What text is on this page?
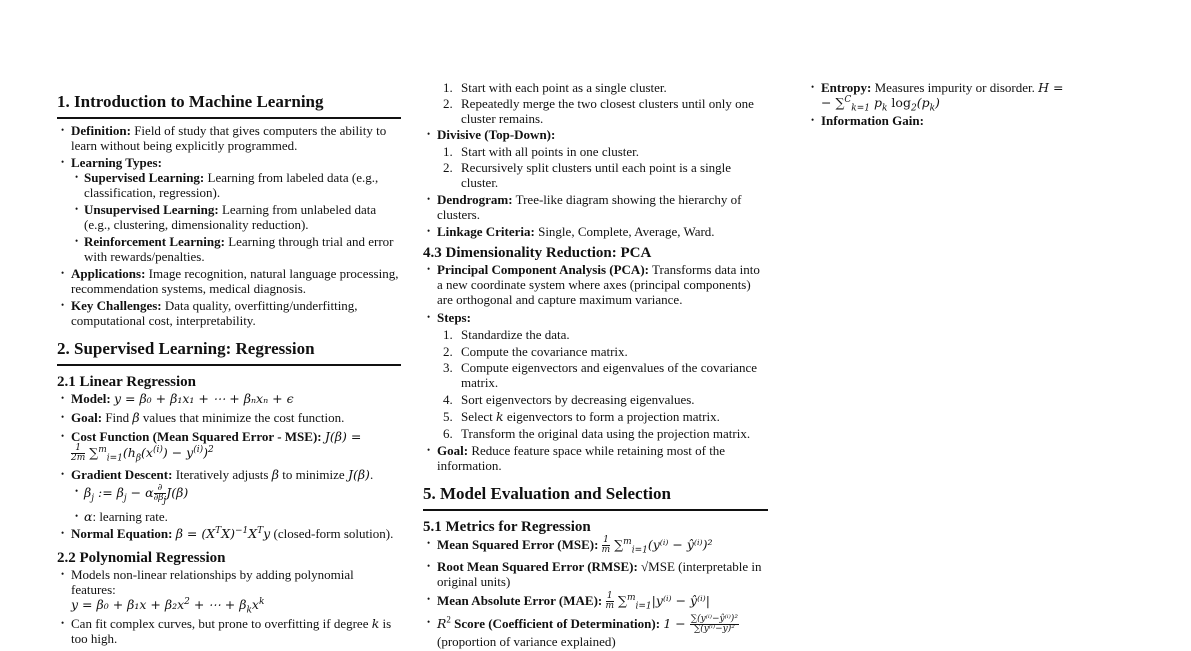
1. Introduction to Machine Learning
• Definition: Field of study that gives computers the ability to learn without being explicitly programmed.
• Learning Types:
• Supervised Learning: Learning from labeled data (e.g., classification, regression).
• Unsupervised Learning: Learning from unlabeled data (e.g., clustering, dimensionality reduction).
• Reinforcement Learning: Learning through trial and error with rewards/penalties.
• Applications: Image recognition, natural language processing, recommendation systems, medical diagnosis.
• Key Challenges: Data quality, overfitting/underfitting, computational cost, interpretability.
2. Supervised Learning: Regression
2.1 Linear Regression
• Model: y = β₀ + β₁x₁ + ⋯ + βₙxₙ + ϵ
• Goal: Find β values that minimize the cost function.
• Cost Function (Mean Squared Error - MSE): J(β) =

$\frac{1}{2m} \sum^m_{i=1}(h_\beta(x^{(i)}) - y^{(i)})^2$
• Gradient Descent: Iteratively adjusts β to minimize J(β).
• $\beta_j$ := $\beta_j - \alpha \frac{\partial}{\partial\beta_j} J(\beta)$
• α: learning rate.
• Normal Equation: $\beta = (X^TX)^{-1}X^Ty$ (closed-form solution).
2.2 Polynomial Regression
• Models non-linear relationships by adding polynomial features:
$y = \beta_0 + \beta_1x + \beta_2x^2$ + ⋯ + $\beta_kx^k$
• Can fit complex curves, but prone to overfitting if degree k is too high.
1. Start with each point as a single cluster.
2. Repeatedly merge the two closest clusters until only one cluster remains.
• Divisive (Top-Down):
1. Start with all points in one cluster.
2. Recursively split clusters until each point is a single cluster.
• Dendrogram: Tree-like diagram showing the hierarchy of clusters.
• Linkage Criteria: Single, Complete, Average, Ward.
4.3 Dimensionality Reduction: PCA
• Principal Component Analysis (PCA): Transforms data into a new coordinate system where axes (principal components) are orthogonal and capture maximum variance.
• Steps:
1. Standardize the data.
2. Compute the covariance matrix.
3. Compute eigenvectors and eigenvalues of the covariance matrix.
4. Sort eigenvectors by decreasing eigenvalues.
5. Select k eigenvectors to form a projection matrix.
6. Transform the original data using the projection matrix.
• Goal: Reduce feature space while retaining most of the information.
5. Model Evaluation and Selection
5.1 Metrics for Regression
• Mean Squared Error (MSE): $\frac{1}{m} \sum^m_{i=1}(y^{(i)}$ − ŷ⁽ⁱ⁾)²
• Root Mean Squared Error (RMSE): √MSE (interpretable in original units)
• Mean Absolute Error (MAE): $\frac{1}{m} \sum^m_{i=1}|y^{(i)}$ − ŷ⁽ⁱ⁾|
• $R^2$ Score (Coefficient of Determination): $1 - \frac{\text{∑(y⁽ⁱ⁾−ŷ⁽ⁱ⁾)²}}{\text{∑(y⁽ⁱ⁾−ȳ)²}}$

(proportion of variance explained)
• Entropy: Measures impurity or disorder. H =
− ∑$^C_{k=1}$ $p_k$ $\log_2(p_k)$
• Information Gain:
